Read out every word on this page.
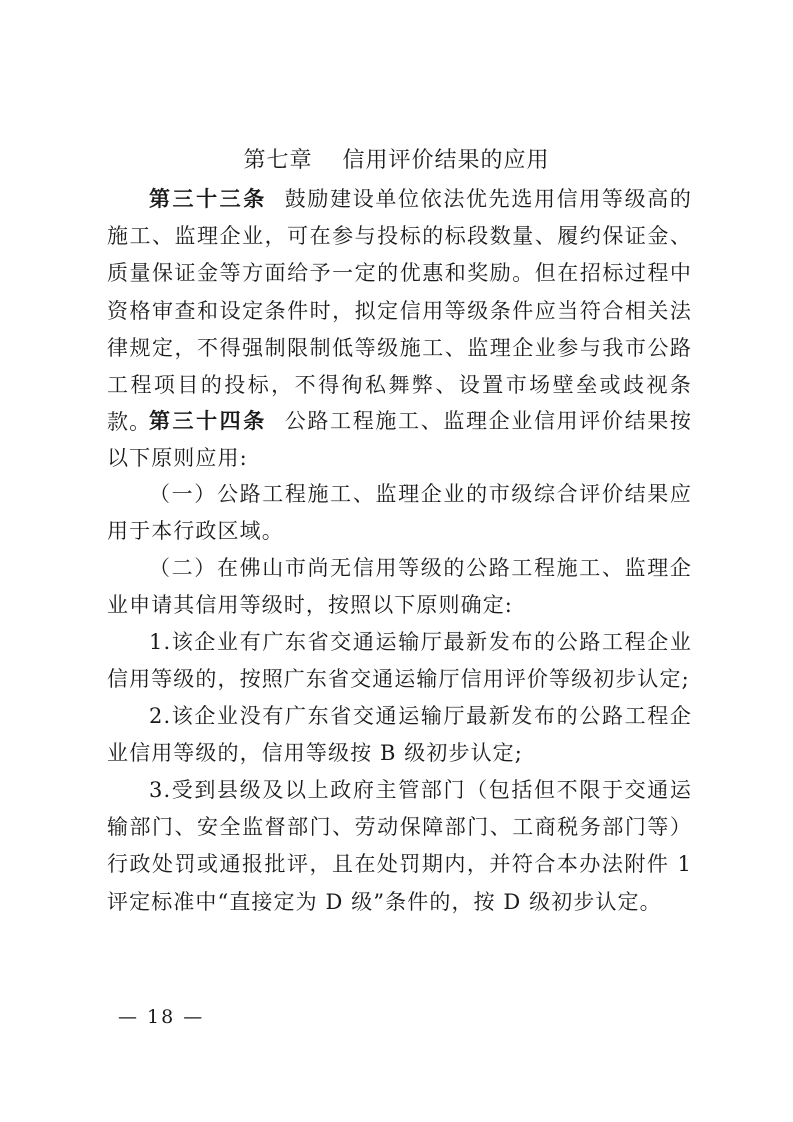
第七章 信用评价结果的应用

第三十三条 鼓励建设单位依法优先选用信用等级高的施工、监理企业，可在参与投标的标段数量、履约保证金、质量保证金等方面给予一定的优惠和奖励。但在招标过程中资格审查和设定条件时，拟定信用等级条件应当符合相关法律规定，不得强制限制低等级施工、监理企业参与我市公路工程项目的投标，不得徇私舞弊、设置市场壁垒或歧视条款。

第三十四条 公路工程施工、监理企业信用评价结果按以下原则应用:

（一）公路工程施工、监理企业的市级综合评价结果应用于本行政区域。

（二）在佛山市尚无信用等级的公路工程施工、监理企业申请其信用等级时，按照以下原则确定:

1.该企业有广东省交通运输厅最新发布的公路工程企业信用等级的，按照广东省交通运输厅信用评价等级初步认定;

2.该企业没有广东省交通运输厅最新发布的公路工程企业信用等级的，信用等级按 B 级初步认定;

3.受到县级及以上政府主管部门（包括但不限于交通运输部门、安全监督部门、劳动保障部门、工商税务部门等）行政处罚或通报批评，且在处罚期内，并符合本办法附件 1 评定标准中“直接定为 D 级”条件的，按 D 级初步认定。

— 18 —
